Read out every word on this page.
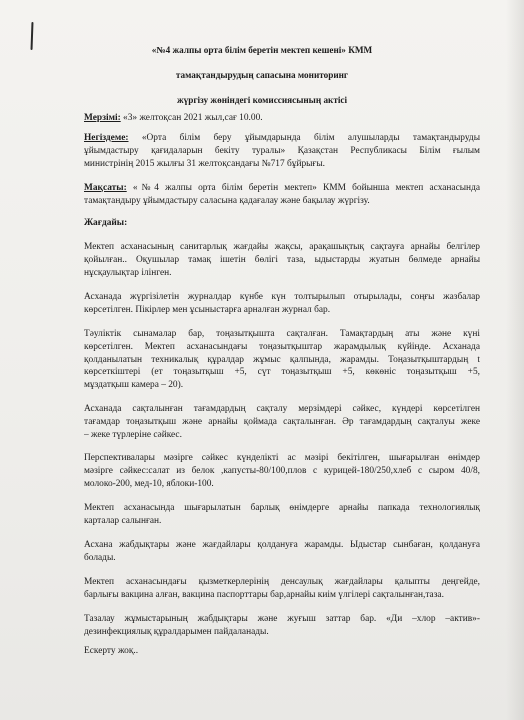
«№4 жалпы орта білім беретін мектеп кешені» КММ
тамақтандырудың сапасына мониторинг
жүргізу жөніндегі комиссиясының актісі
Мерзімі: «3» желтоқсан 2021 жыл,сағ 10.00.
Негіздеме: «Орта білім беру ұйымдарында білім алушыларды тамақтандыруды
ұйымдастыру қағидаларын бекіту туралы» Қазақстан Республикасы Білім ғылым
министрінің 2015 жылғы 31 желтоқсандағы №717 бұйрығы.
Мақсаты: «№4 жалпы орта білім беретін мектеп» КММ бойынша мектеп асханасында
тамақтандыру ұйымдастыру саласына қадағалау және бақылау жүргізу.
Жағдайы:
Мектеп асханасының санитарлық жағдайы жақсы, арақашықтық сақтауға арнайы белгілер
қойылған.. Оқушылар тамақ ішетін бөлігі таза, ыдыстарды жуатын бөлмеде арнайы
нұсқаулықтар ілінген.
Асханада жүргізілетін журналдар күнбе күн толтырылып отырылады, соңғы жазбалар
көрсетілген. Пікірлер мен ұсыныстарға арналған журнал бар.
Тәуліктік сынамалар бар, тоңазытқышта сақталған. Тамақтардың аты және күні
көрсетілген. Мектеп асханасындағы тоңазытқыштар жарамдылық күйінде. Асханада
қолданылатын техникалық құралдар жұмыс қалпында, жарамды. Тоңазытқыштардың t
көрсеткіштері (ет тоңазытқыш +5, сүт тоңазытқыш +5, көкөніс тоңазытқыш +5,
мұздатқыш камера – 20).
Асханада сақталынған тағамдардың сақталу мерзімдері сәйкес, күндері көрсетілген
тағамдар тоңазытқыш және арнайы қоймада сақталынған. Әр тағамдардың сақталуы жеке
– жеке түрлеріне сәйкес.
Перспективалары мәзірге сәйкес күнделікті ас мәзірі бекітілген, шығарылған өнімдер
мәзірге сәйкес:салат из белок ,капусты-80/100,плов с курицей-180/250,хлеб с сыром 40/8,
молоко-200, мед-10, яблоки-100.
Мектеп асханасында шығарылатын барлық өнімдерге арнайы папкада технологиялық
карталар салынған.
Асхана жабдықтары және жағдайлары қолдануға жарамды. Ыдыстар сынбаған, қолдануға
болады.
Мектеп асханасындағы қызметкерлерінің денсаулық жағдайлары қалыпты деңгейде,
барлығы вакцина алған, вакцина паспорттары бар,арнайы киім үлгілері сақталынған,таза.
Тазалау жұмыстарының жабдықтары және жуғыш заттар бар. «Ди –хлор –актив»-
дезинфекциялық құралдарымен пайдаланады.
Ескерту жоқ..
